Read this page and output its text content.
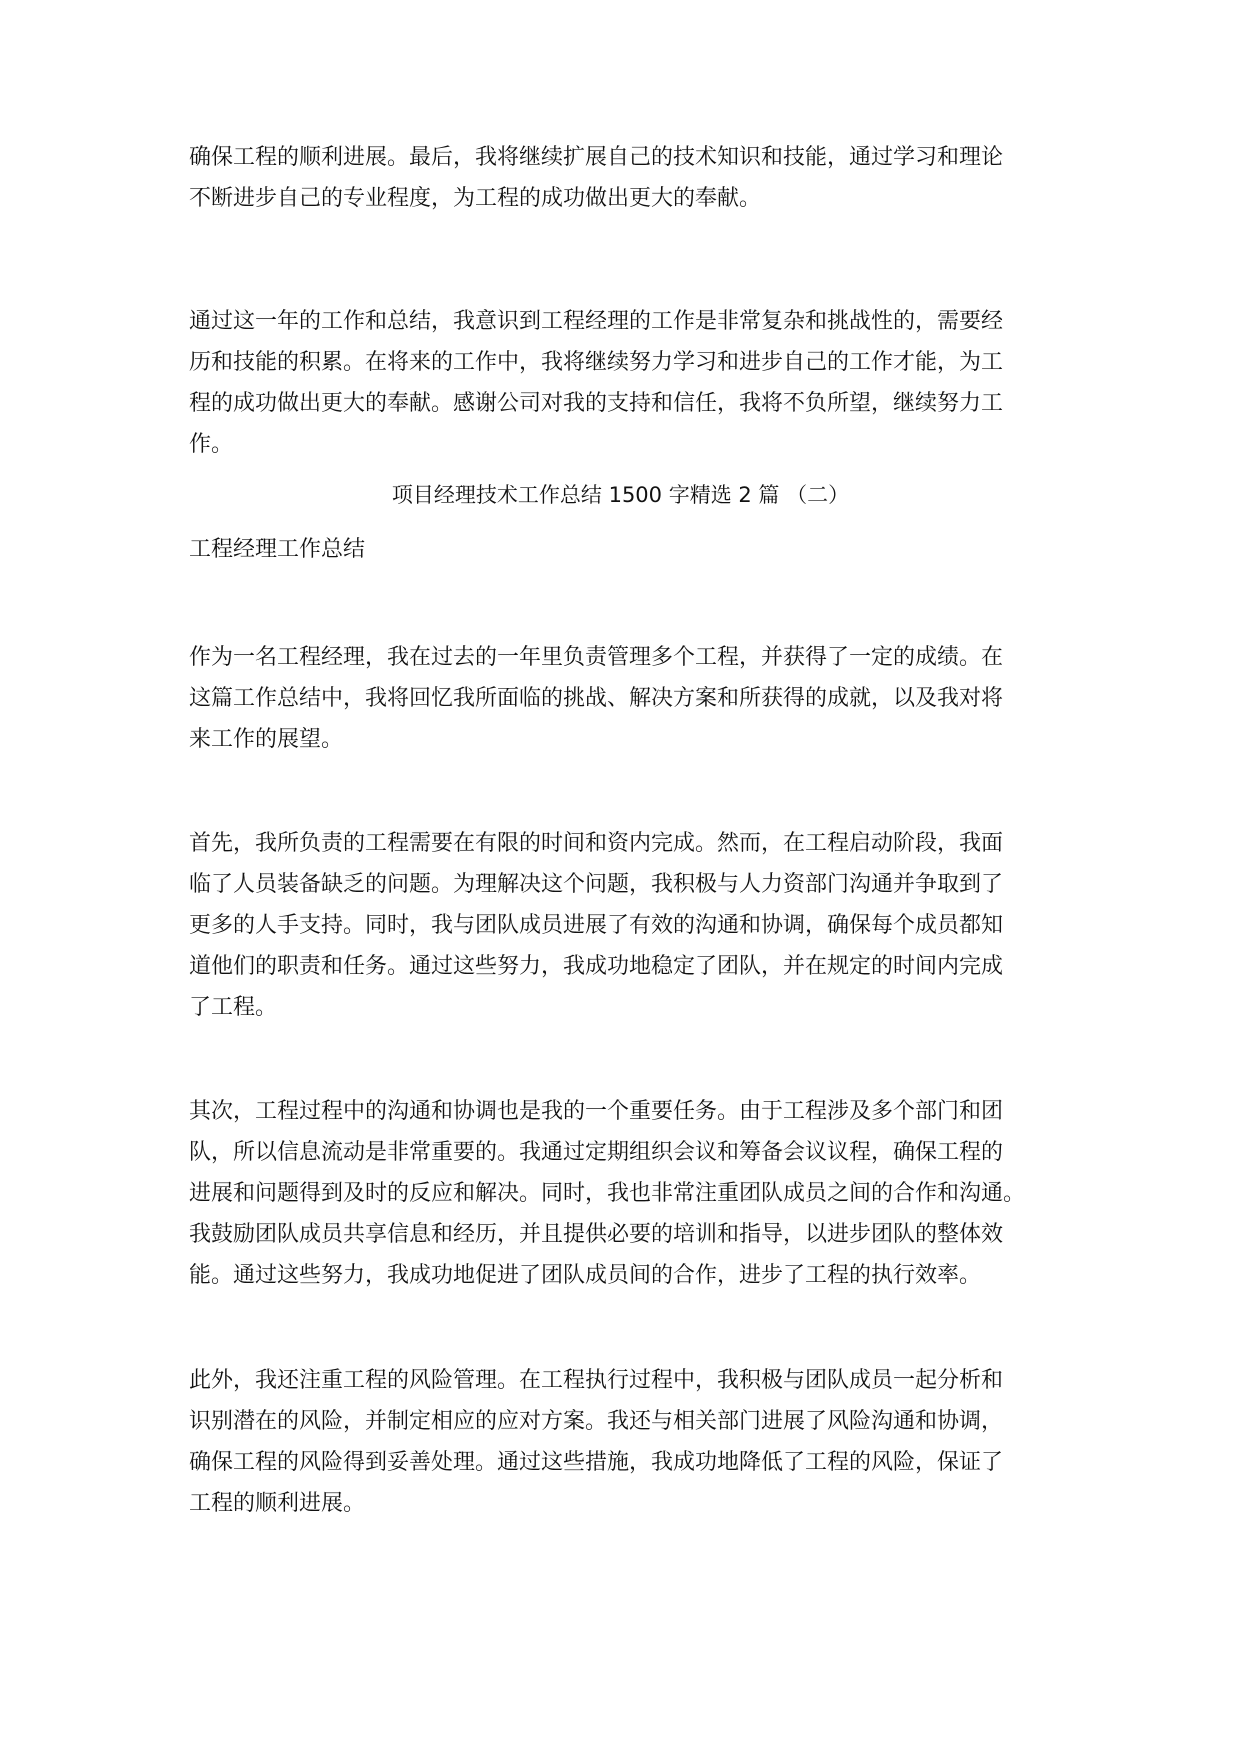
确保工程的顺利进展。最后，我将继续扩展自己的技术知识和技能，通过学习和理论
不断进步自己的专业程度，为工程的成功做出更大的奉献。

通过这一年的工作和总结，我意识到工程经理的工作是非常复杂和挑战性的，需要经
历和技能的积累。在将来的工作中，我将继续努力学习和进步自己的工作才能，为工
程的成功做出更大的奉献。感谢公司对我的支持和信任，我将不负所望，继续努力工
作。

项目经理技术工作总结 1500 字精选 2 篇 （二）

工程经理工作总结

作为一名工程经理，我在过去的一年里负责管理多个工程，并获得了一定的成绩。在
这篇工作总结中，我将回忆我所面临的挑战、解决方案和所获得的成就，以及我对将
来工作的展望。

首先，我所负责的工程需要在有限的时间和资内完成。然而，在工程启动阶段，我面
临了人员装备缺乏的问题。为理解决这个问题，我积极与人力资部门沟通并争取到了
更多的人手支持。同时，我与团队成员进展了有效的沟通和协调，确保每个成员都知
道他们的职责和任务。通过这些努力，我成功地稳定了团队，并在规定的时间内完成
了工程。

其次，工程过程中的沟通和协调也是我的一个重要任务。由于工程涉及多个部门和团
队，所以信息流动是非常重要的。我通过定期组织会议和筹备会议议程，确保工程的
进展和问题得到及时的反应和解决。同时，我也非常注重团队成员之间的合作和沟通。
我鼓励团队成员共享信息和经历，并且提供必要的培训和指导，以进步团队的整体效
能。通过这些努力，我成功地促进了团队成员间的合作，进步了工程的执行效率。

此外，我还注重工程的风险管理。在工程执行过程中，我积极与团队成员一起分析和
识别潜在的风险，并制定相应的应对方案。我还与相关部门进展了风险沟通和协调，
确保工程的风险得到妥善处理。通过这些措施，我成功地降低了工程的风险，保证了
工程的顺利进展。
